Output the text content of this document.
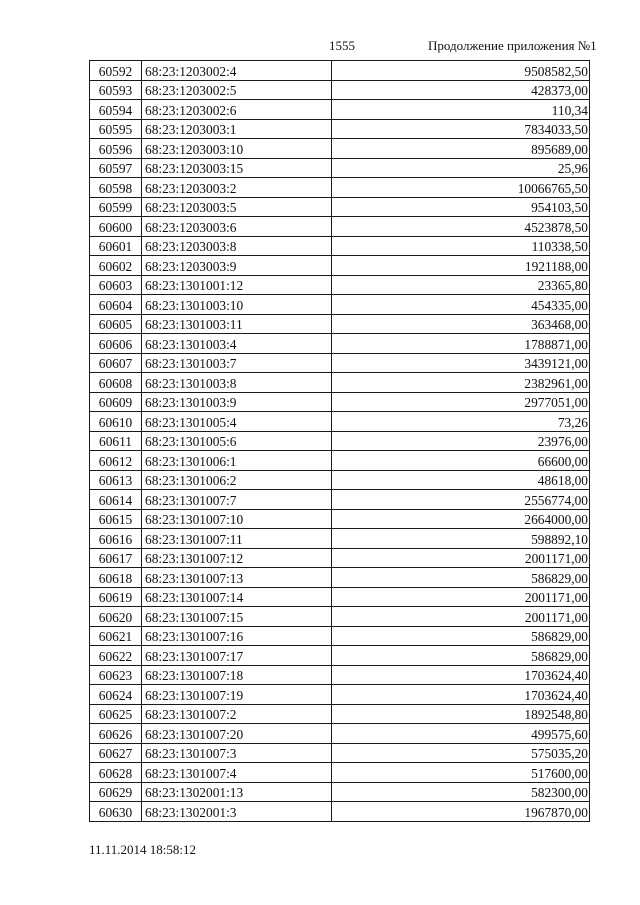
1555	Продолжение приложения №1
60592	68:23:1203002:4	9508582,50
60593	68:23:1203002:5	428373,00
60594	68:23:1203002:6	110,34
60595	68:23:1203003:1	7834033,50
60596	68:23:1203003:10	895689,00
60597	68:23:1203003:15	25,96
60598	68:23:1203003:2	10066765,50
60599	68:23:1203003:5	954103,50
60600	68:23:1203003:6	4523878,50
60601	68:23:1203003:8	110338,50
60602	68:23:1203003:9	1921188,00
60603	68:23:1301001:12	23365,80
60604	68:23:1301003:10	454335,00
60605	68:23:1301003:11	363468,00
60606	68:23:1301003:4	1788871,00
60607	68:23:1301003:7	3439121,00
60608	68:23:1301003:8	2382961,00
60609	68:23:1301003:9	2977051,00
60610	68:23:1301005:4	73,26
60611	68:23:1301005:6	23976,00
60612	68:23:1301006:1	66600,00
60613	68:23:1301006:2	48618,00
60614	68:23:1301007:7	2556774,00
60615	68:23:1301007:10	2664000,00
60616	68:23:1301007:11	598892,10
60617	68:23:1301007:12	2001171,00
60618	68:23:1301007:13	586829,00
60619	68:23:1301007:14	2001171,00
60620	68:23:1301007:15	2001171,00
60621	68:23:1301007:16	586829,00
60622	68:23:1301007:17	586829,00
60623	68:23:1301007:18	1703624,40
60624	68:23:1301007:19	1703624,40
60625	68:23:1301007:2	1892548,80
60626	68:23:1301007:20	499575,60
60627	68:23:1301007:3	575035,20
60628	68:23:1301007:4	517600,00
60629	68:23:1302001:13	582300,00
60630	68:23:1302001:3	1967870,00
11.11.2014 18:58:12
